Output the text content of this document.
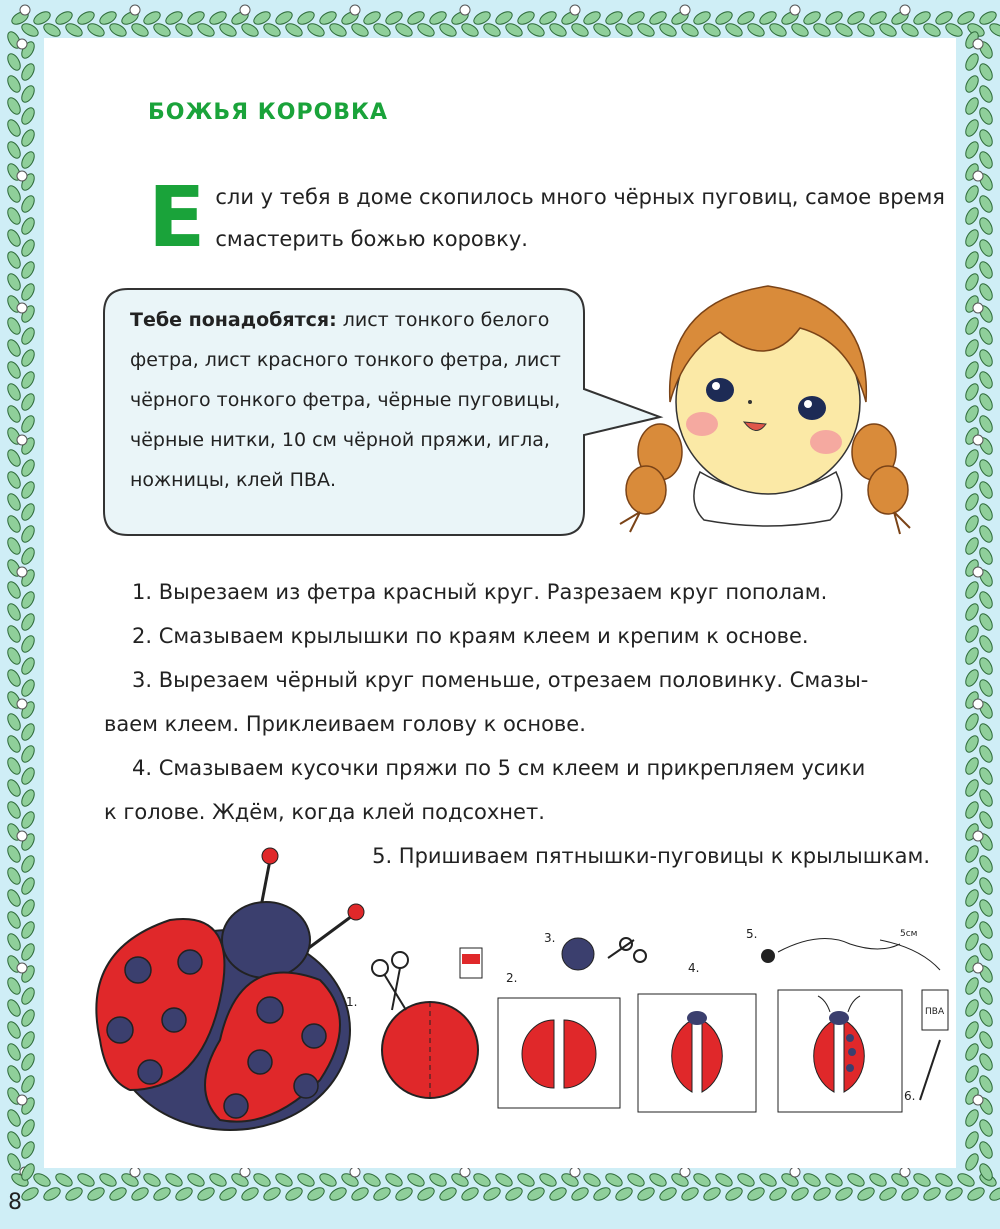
БОЖЬЯ КОРОВКА
Если у тебя в доме скопилось много чёрных пуговиц, самое время смастерить божью коровку.
Тебе понадобятся: лист тонкого белого фетра, лист красного тонкого фетра, лист чёрного тонкого фетра, чёрные пуговицы, чёрные нитки, 10 см чёрной пряжи, игла, ножницы, клей ПВА.

1. Вырезаем из фетра красный круг. Разрезаем круг пополам.

2. Смазываем крылышки по краям клеем и крепим к основе.

3. Вырезаем чёрный круг поменьше, отрезаем половинку. Смазы-

ваем клеем. Приклеиваем голову к основе.

4. Смазываем кусочки пряжи по 5 см клеем и прикрепляем усики

к голове. Ждём, когда клей подсохнет.

5. Пришиваем пятнышки-пуговицы к крылышкам.

1.
2.
3.
4.
5.
6.
ПВА
5см
8
